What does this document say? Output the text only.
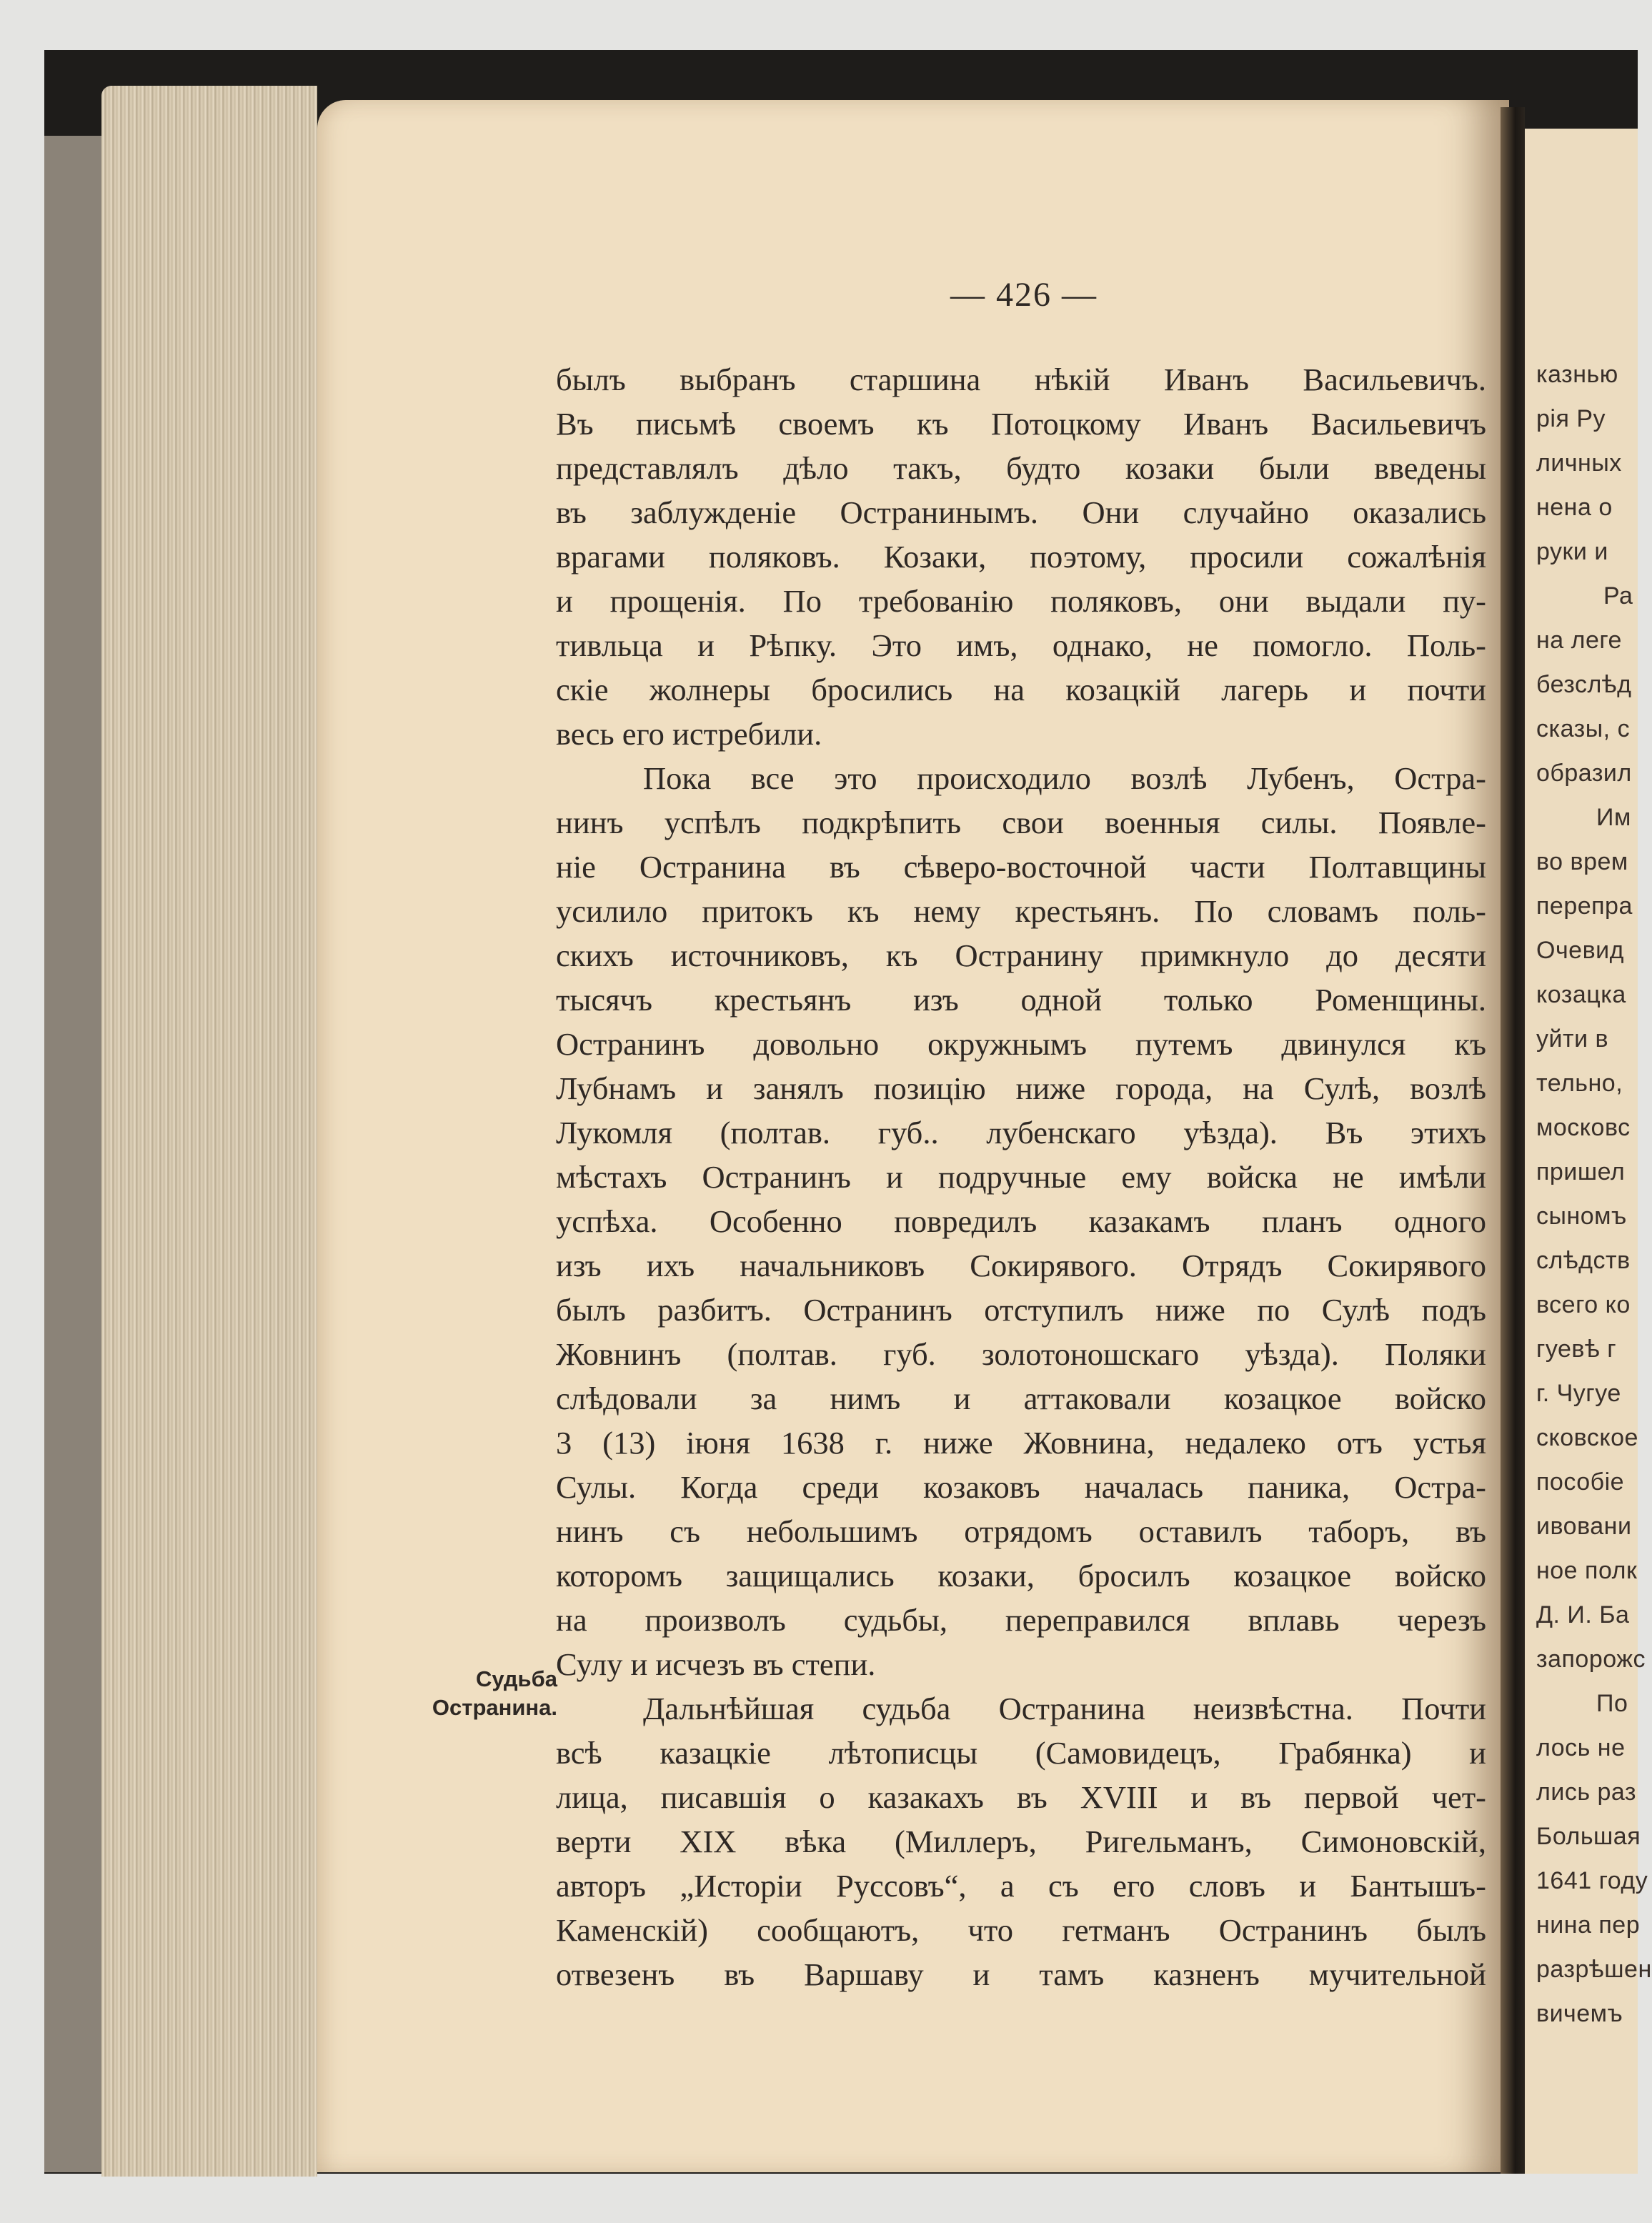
казнью
рія Ру
личных
нена о
руки и
Ра
на леге
безслѣд
сказы, с
образил
Им
во врем
перепра
Очевид
козацка
уйти в
тельно,
московс
пришел
сыномъ
слѣдств
всего ко
гуевѣ г
г. Чугуе
сковское
пособіе
ивовани
ное полк
Д. И. Ба
запорожс
По
лось не
лись раз
Большая
1641 году
нина пер
разрѣшен
вичемъ
— 426 —
былъ выбранъ старшина нѣкій Иванъ Васильевичъ.
Въ письмѣ своемъ къ Потоцкому Иванъ Васильевичъ
представлялъ дѣло такъ, будто козаки были введены
въ заблужденіе Остранинымъ. Они случайно оказались
врагами поляковъ. Козаки, поэтому, просили сожалѣнія
и прощенія. По требованію поляковъ, они выдали пу-
тивльца и Рѣпку. Это имъ, однако, не помогло. Поль-
скіе жолнеры бросились на козацкій лагерь и почти
весь его истребили.
Пока все это происходило возлѣ Лубенъ, Остра-
нинъ успѣлъ подкрѣпить свои военныя силы. Появле-
ніе Остранина въ сѣверо-восточной части Полтавщины
усилило притокъ къ нему крестьянъ. По словамъ поль-
скихъ источниковъ, къ Остранину примкнуло до десяти
тысячъ крестьянъ изъ одной только Роменщины.
Остранинъ довольно окружнымъ путемъ двинулся къ
Лубнамъ и занялъ позицію ниже города, на Сулѣ, возлѣ
Лукомля (полтав. губ.. лубенскаго уѣзда). Въ этихъ
мѣстахъ Остранинъ и подручные ему войска не имѣли
успѣха. Особенно повредилъ казакамъ планъ одного
изъ ихъ начальниковъ Сокирявого. Отрядъ Сокирявого
былъ разбитъ. Остранинъ отступилъ ниже по Сулѣ подъ
Жовнинъ (полтав. губ. золотоношскаго уѣзда). Поляки
слѣдовали за нимъ и аттаковали козацкое войско
3 (13) іюня 1638 г. ниже Жовнина, недалеко отъ устья
Сулы. Когда среди козаковъ началась паника, Остра-
нинъ съ небольшимъ отрядомъ оставилъ таборъ, въ
которомъ защищались козаки, бросилъ козацкое войско
на произволъ судьбы, переправился вплавь черезъ
Сулу и исчезъ въ степи.
Дальнѣйшая судьба Остранина неизвѣстна. Почти
всѣ казацкіе лѣтописцы (Самовидецъ, Грабянка) и
лица, писавшія о казакахъ въ XVIII и въ первой чет-
верти XIX вѣка (Миллеръ, Ригельманъ, Симоновскій,
авторъ „Исторіи Руссовъ“, а съ его словъ и Бантышъ-
Каменскій) сообщаютъ, что гетманъ Остранинъ былъ
отвезенъ въ Варшаву и тамъ казненъ мучительной
Судьба
Остранина.
